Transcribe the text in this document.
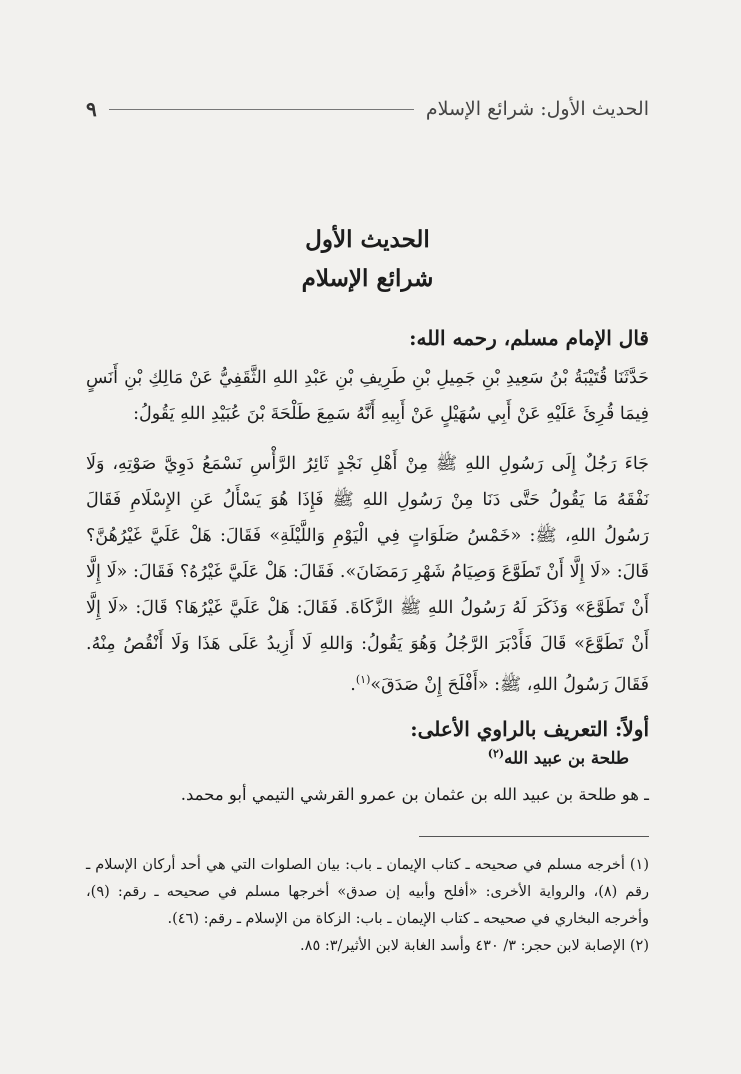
الحديث الأول: شرائع الإسلام
٩
الحديث الأول
شرائع الإسلام

قال الإمام مسلم، رحمه الله:

حَدَّثَنَا قُتَيْبَةُ بْنُ سَعِيدِ بْنِ جَمِيلِ بْنِ طَرِيفِ بْنِ عَبْدِ اللهِ الثَّقَفِيُّ عَنْ مَالِكِ بْنِ أَنَسٍ فِيمَا قُرِئَ عَلَيْهِ عَنْ أَبِي سُهَيْلٍ عَنْ أَبِيهِ أَنَّهُ سَمِعَ طَلْحَةَ بْنَ عُبَيْدِ اللهِ يَقُولُ:

جَاءَ رَجُلٌ إِلَى رَسُولِ اللهِ ﷺ مِنْ أَهْلِ نَجْدٍ ثَائِرُ الرَّأْسِ نَسْمَعُ دَوِيَّ صَوْتِهِ، وَلَا نَفْقَهُ مَا يَقُولُ حَتَّى دَنَا مِنْ رَسُولِ اللهِ ﷺ فَإِذَا هُوَ يَسْأَلُ عَنِ الإِسْلَامِ فَقَالَ رَسُولُ اللهِ، ﷺ: «خَمْسُ صَلَوَاتٍ فِي الْيَوْمِ وَاللَّيْلَةِ» فَقَالَ: هَلْ عَلَيَّ غَيْرُهُنَّ؟ قَالَ: «لَا إِلَّا أَنْ تَطَوَّعَ وَصِيَامُ شَهْرِ رَمَضَانَ». فَقَالَ: هَلْ عَلَيَّ غَيْرُهُ؟ فَقَالَ: «لَا إِلَّا أَنْ تَطَوَّعَ» وَذَكَرَ لَهُ رَسُولُ اللهِ ﷺ الزَّكَاةَ. فَقَالَ: هَلْ عَلَيَّ غَيْرُهَا؟ قَالَ: «لَا إِلَّا أَنْ تَطَوَّعَ» قَالَ فَأَدْبَرَ الرَّجُلُ وَهُوَ يَقُولُ: وَاللهِ لَا أَزِيدُ عَلَى هَذَا وَلَا أَنْقُصُ مِنْهُ. فَقَالَ رَسُولُ اللهِ، ﷺ: «أَفْلَحَ إِنْ صَدَقَ»$^{(١)}$.

أولاً: التعريف بالراوي الأعلى:

طلحة بن عبيد الله$^{(٢)}$

ـ هو طلحة بن عبيد الله بن عثمان بن عمرو القرشي التيمي أبو محمد.

(١) أخرجه مسلم في صحيحه ـ كتاب الإيمان ـ باب: بيان الصلوات التي هي أحد أركان الإسلام ـ رقم (٨)، والرواية الأخرى: «أفلح وأبيه إن صدق» أخرجها مسلم في صحيحه ـ رقم: (٩)، وأخرجه البخاري في صحيحه ـ كتاب الإيمان ـ باب: الزكاة من الإسلام ـ رقم: (٤٦).

(٢) الإصابة لابن حجر: ٣/ ٤٣٠ وأسد الغابة لابن الأثير/٣: ٨٥.
